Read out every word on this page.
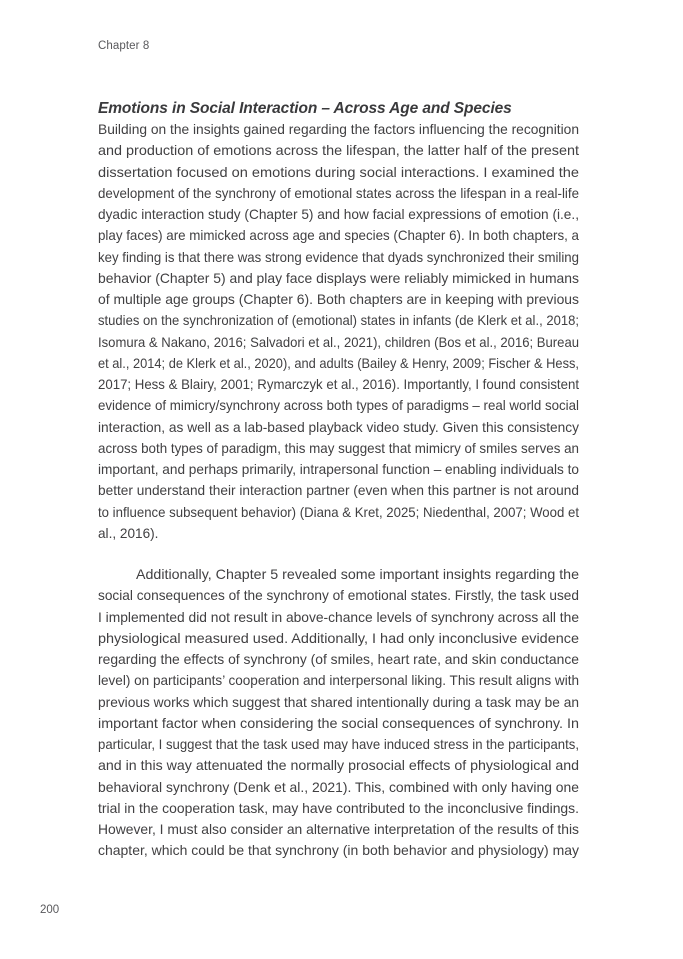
Chapter 8
Emotions in Social Interaction – Across Age and Species
Building on the insights gained regarding the factors influencing the recognition
and production of emotions across the lifespan, the latter half of the present
dissertation focused on emotions during social interactions. I examined the
development of the synchrony of emotional states across the lifespan in a real-life
dyadic interaction study (Chapter 5) and how facial expressions of emotion (i.e.,
play faces) are mimicked across age and species (Chapter 6). In both chapters, a
key finding is that there was strong evidence that dyads synchronized their smiling
behavior (Chapter 5) and play face displays were reliably mimicked in humans
of multiple age groups (Chapter 6). Both chapters are in keeping with previous
studies on the synchronization of (emotional) states in infants (de Klerk et al., 2018;
Isomura & Nakano, 2016; Salvadori et al., 2021), children (Bos et al., 2016; Bureau
et al., 2014; de Klerk et al., 2020), and adults (Bailey & Henry, 2009; Fischer & Hess,
2017; Hess & Blairy, 2001; Rymarczyk et al., 2016). Importantly, I found consistent
evidence of mimicry/synchrony across both types of paradigms – real world social
interaction, as well as a lab-based playback video study. Given this consistency
across both types of paradigm, this may suggest that mimicry of smiles serves an
important, and perhaps primarily, intrapersonal function – enabling individuals to
better understand their interaction partner (even when this partner is not around
to influence subsequent behavior) (Diana & Kret, 2025; Niedenthal, 2007; Wood et
al., 2016).
Additionally, Chapter 5 revealed some important insights regarding the
social consequences of the synchrony of emotional states. Firstly, the task used
I implemented did not result in above-chance levels of synchrony across all the
physiological measured used. Additionally, I had only inconclusive evidence
regarding the effects of synchrony (of smiles, heart rate, and skin conductance
level) on participants’ cooperation and interpersonal liking. This result aligns with
previous works which suggest that shared intentionally during a task may be an
important factor when considering the social consequences of synchrony. In
particular, I suggest that the task used may have induced stress in the participants,
and in this way attenuated the normally prosocial effects of physiological and
behavioral synchrony (Denk et al., 2021). This, combined with only having one
trial in the cooperation task, may have contributed to the inconclusive findings.
However, I must also consider an alternative interpretation of the results of this
chapter, which could be that synchrony (in both behavior and physiology) may
200
